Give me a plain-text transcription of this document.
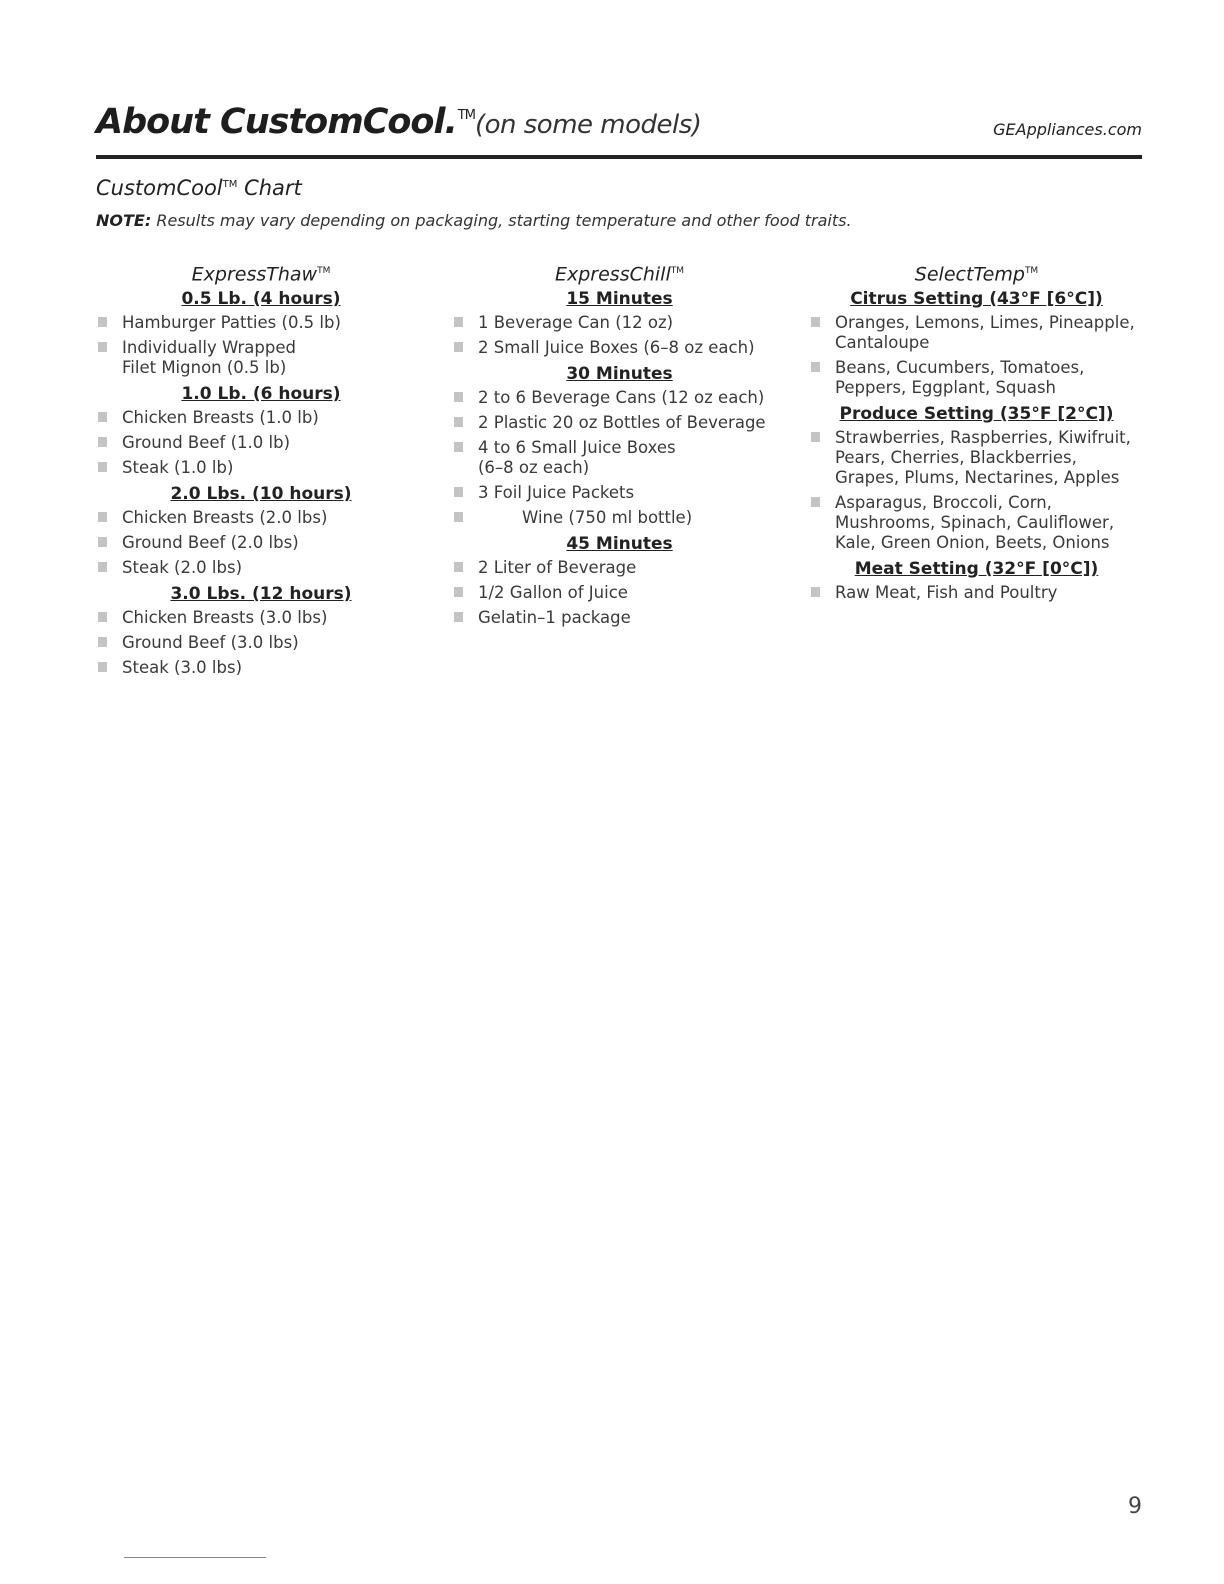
About CustomCool.™(on some models)	GEAppliances.com
CustomCool™ Chart
NOTE: Results may vary depending on packaging, starting temperature and other food traits.
ExpressThaw™
0.5 Lb. (4 hours)
Hamburger Patties (0.5 lb)
Individually Wrapped Filet Mignon (0.5 lb)
1.0 Lb. (6 hours)
Chicken Breasts (1.0 lb)
Ground Beef (1.0 lb)
Steak (1.0 lb)
2.0 Lbs. (10 hours)
Chicken Breasts (2.0 lbs)
Ground Beef (2.0 lbs)
Steak (2.0 lbs)
3.0 Lbs. (12 hours)
Chicken Breasts (3.0 lbs)
Ground Beef (3.0 lbs)
Steak (3.0 lbs)
ExpressChill™
15 Minutes
1 Beverage Can (12 oz)
2 Small Juice Boxes (6–8 oz each)
30 Minutes
2 to 6 Beverage Cans (12 oz each)
2 Plastic 20 oz Bottles of Beverage
4 to 6 Small Juice Boxes (6–8 oz each)
3 Foil Juice Packets
Wine (750 ml bottle)
45 Minutes
2 Liter of Beverage
1/2 Gallon of Juice
Gelatin–1 package
SelectTemp™
Citrus Setting (43°F [6°C])
Oranges, Lemons, Limes, Pineapple, Cantaloupe
Beans, Cucumbers, Tomatoes, Peppers, Eggplant, Squash
Produce Setting (35°F [2°C])
Strawberries, Raspberries, Kiwifruit, Pears, Cherries, Blackberries, Grapes, Plums, Nectarines, Apples
Asparagus, Broccoli, Corn, Mushrooms, Spinach, Cauliflower, Kale, Green Onion, Beets, Onions
Meat Setting (32°F [0°C])
Raw Meat, Fish and Poultry
9
